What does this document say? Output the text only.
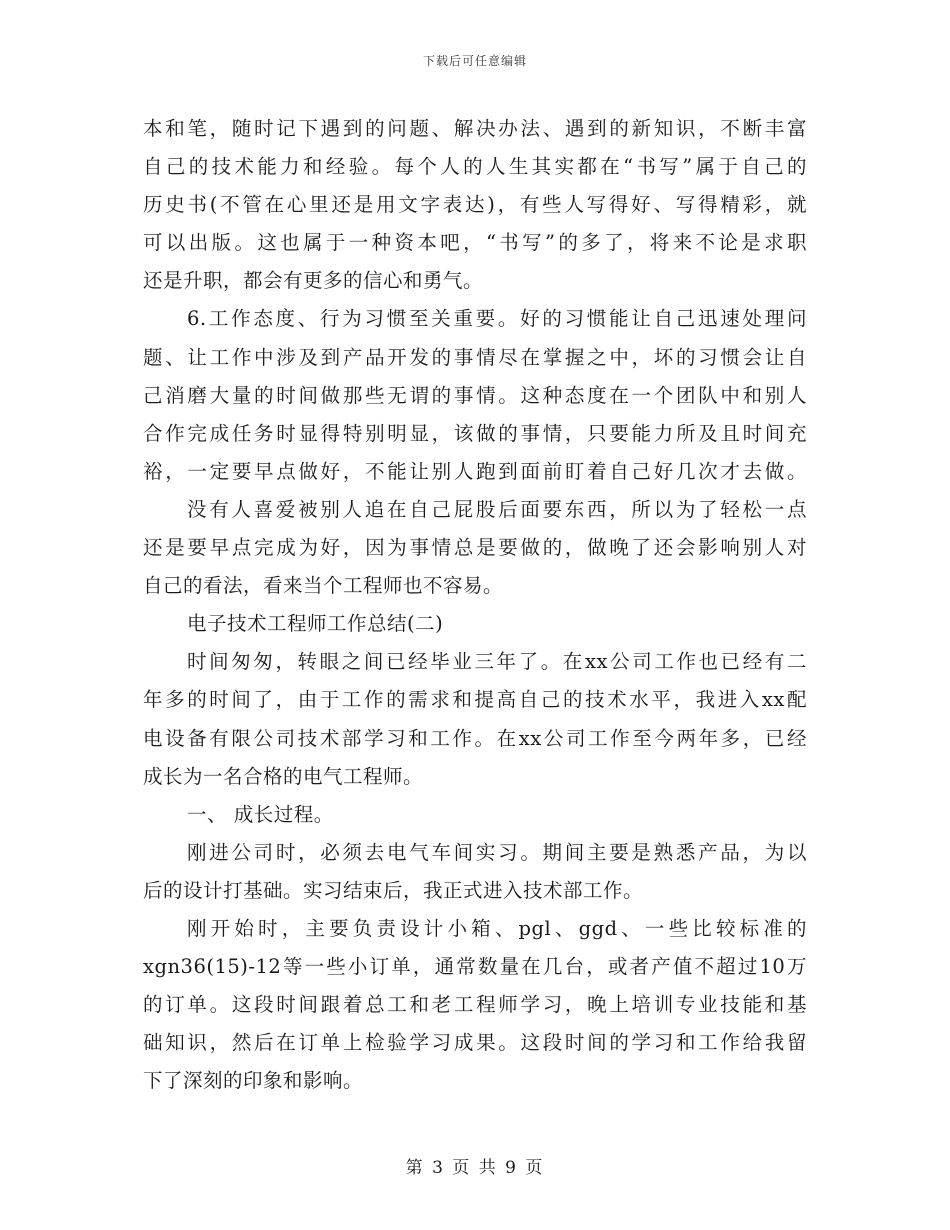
下载后可任意编辑
本和笔，随时记下遇到的问题、解决办法、遇到的新知识，不断丰富
自己的技术能力和经验。每个人的人生其实都在“书写”属于自己的
历史书(不管在心里还是用文字表达)，有些人写得好、写得精彩，就
可以出版。这也属于一种资本吧，“书写”的多了，将来不论是求职
还是升职，都会有更多的信心和勇气。
6.工作态度、行为习惯至关重要。好的习惯能让自己迅速处理问
题、让工作中涉及到产品开发的事情尽在掌握之中，坏的习惯会让自
己消磨大量的时间做那些无谓的事情。这种态度在一个团队中和别人
合作完成任务时显得特别明显，该做的事情，只要能力所及且时间充
裕，一定要早点做好，不能让别人跑到面前盯着自己好几次才去做。
没有人喜爱被别人追在自己屁股后面要东西，所以为了轻松一点
还是要早点完成为好，因为事情总是要做的，做晚了还会影响别人对
自己的看法，看来当个工程师也不容易。
电子技术工程师工作总结(二)
时间匆匆，转眼之间已经毕业三年了。在xx公司工作也已经有二
年多的时间了，由于工作的需求和提高自己的技术水平，我进入xx配
电设备有限公司技术部学习和工作。在xx公司工作至今两年多，已经
成长为一名合格的电气工程师。
一、 成长过程。
刚进公司时，必须去电气车间实习。期间主要是熟悉产品，为以
后的设计打基础。实习结束后，我正式进入技术部工作。
刚开始时，主要负责设计小箱、pgl、ggd、一些比较标准的
xgn36(15)-12等一些小订单，通常数量在几台，或者产值不超过10万
的订单。这段时间跟着总工和老工程师学习，晚上培训专业技能和基
础知识，然后在订单上检验学习成果。这段时间的学习和工作给我留
下了深刻的印象和影响。
第 3 页 共 9 页
